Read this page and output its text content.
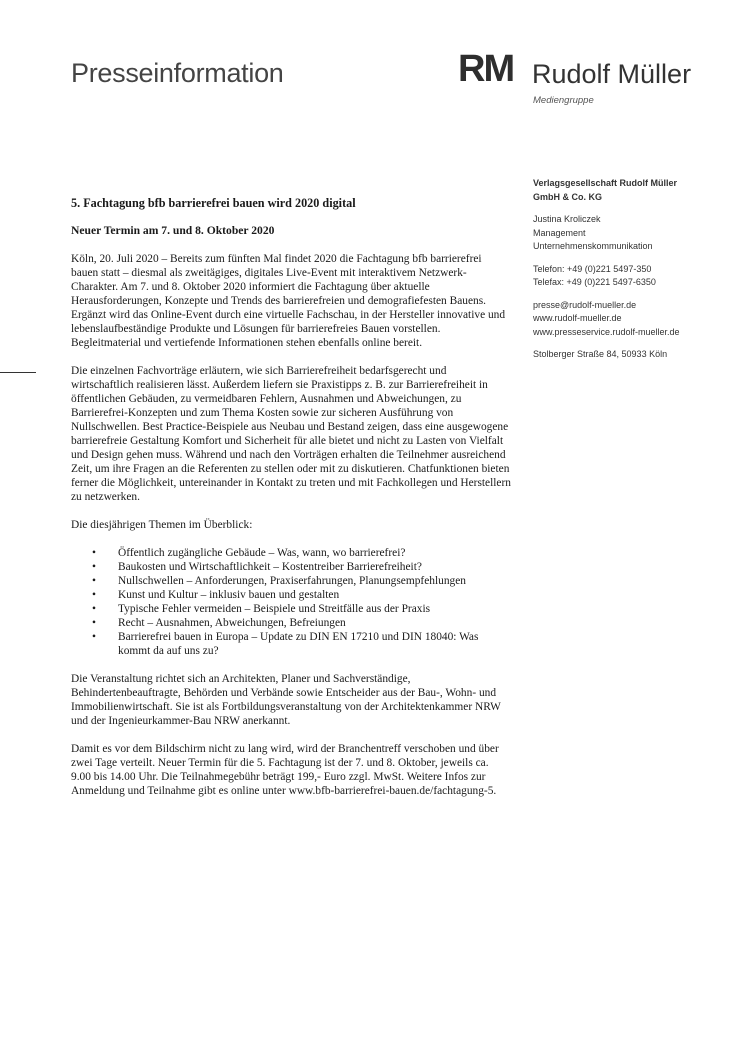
Presseinformation	RM Rudolf Müller
Mediengruppe
Verlagsgesellschaft Rudolf Müller
GmbH & Co. KG
Justina Kroliczek
Management
Unternehmenskommunikation
Telefon: +49 (0)221 5497-350
Telefax: +49 (0)221 5497-6350
presse@rudolf-mueller.de
www.rudolf-mueller.de
www.presseservice.rudolf-mueller.de
Stolberger Straße 84, 50933 Köln
5. Fachtagung bfb barrierefrei bauen wird 2020 digital
Neuer Termin am 7. und 8. Oktober 2020

Köln, 20. Juli 2020 – Bereits zum fünften Mal findet 2020 die Fachtagung bfb barrierefrei bauen statt – diesmal als zweitägiges, digitales Live-Event mit interaktivem Netzwerk-Charakter. Am 7. und 8. Oktober 2020 informiert die Fachtagung über aktuelle Herausforderungen, Konzepte und Trends des barrierefreien und demografiefesten Bauens. Ergänzt wird das Online-Event durch eine virtuelle Fachschau, in der Hersteller innovative und lebenslaufbeständige Produkte und Lösungen für barrierefreies Bauen vorstellen. Begleitmaterial und vertiefende Informationen stehen ebenfalls online bereit.

Die einzelnen Fachvorträge erläutern, wie sich Barrierefreiheit bedarfsgerecht und wirtschaftlich realisieren lässt. Außerdem liefern sie Praxistipps z. B. zur Barrierefreiheit in öffentlichen Gebäuden, zu vermeidbaren Fehlern, Ausnahmen und Abweichungen, zu Barrierefrei-Konzepten und zum Thema Kosten sowie zur sicheren Ausführung von Nullschwellen. Best Practice-Beispiele aus Neubau und Bestand zeigen, dass eine ausgewogene barrierefreie Gestaltung Komfort und Sicherheit für alle bietet und nicht zu Lasten von Vielfalt und Design gehen muss. Während und nach den Vorträgen erhalten die Teilnehmer ausreichend Zeit, um ihre Fragen an die Referenten zu stellen oder mit zu diskutieren. Chatfunktionen bieten ferner die Möglichkeit, untereinander in Kontakt zu treten und mit Fachkollegen und Herstellern zu netzwerken.

Die diesjährigen Themen im Überblick:

• Öffentlich zugängliche Gebäude – Was, wann, wo barrierefrei?
• Baukosten und Wirtschaftlichkeit – Kostentreiber Barrierefreiheit?
• Nullschwellen – Anforderungen, Praxiserfahrungen, Planungsempfehlungen
• Kunst und Kultur – inklusiv bauen und gestalten
• Typische Fehler vermeiden – Beispiele und Streitfälle aus der Praxis
• Recht – Ausnahmen, Abweichungen, Befreiungen
• Barrierefrei bauen in Europa – Update zu DIN EN 17210 und DIN 18040: Was kommt da auf uns zu?

Die Veranstaltung richtet sich an Architekten, Planer und Sachverständige, Behindertenbeauftragte, Behörden und Verbände sowie Entscheider aus der Bau-, Wohn- und Immobilienwirtschaft. Sie ist als Fortbildungsveranstaltung von der Architektenkammer NRW und der Ingenieurkammer-Bau NRW anerkannt.

Damit es vor dem Bildschirm nicht zu lang wird, wird der Branchentreff verschoben und über zwei Tage verteilt. Neuer Termin für die 5. Fachtagung ist der 7. und 8. Oktober, jeweils ca. 9.00 bis 14.00 Uhr. Die Teilnahmegebühr beträgt 199,- Euro zzgl. MwSt. Weitere Infos zur Anmeldung und Teilnahme gibt es online unter www.bfb-barrierefrei-bauen.de/fachtagung-5.
